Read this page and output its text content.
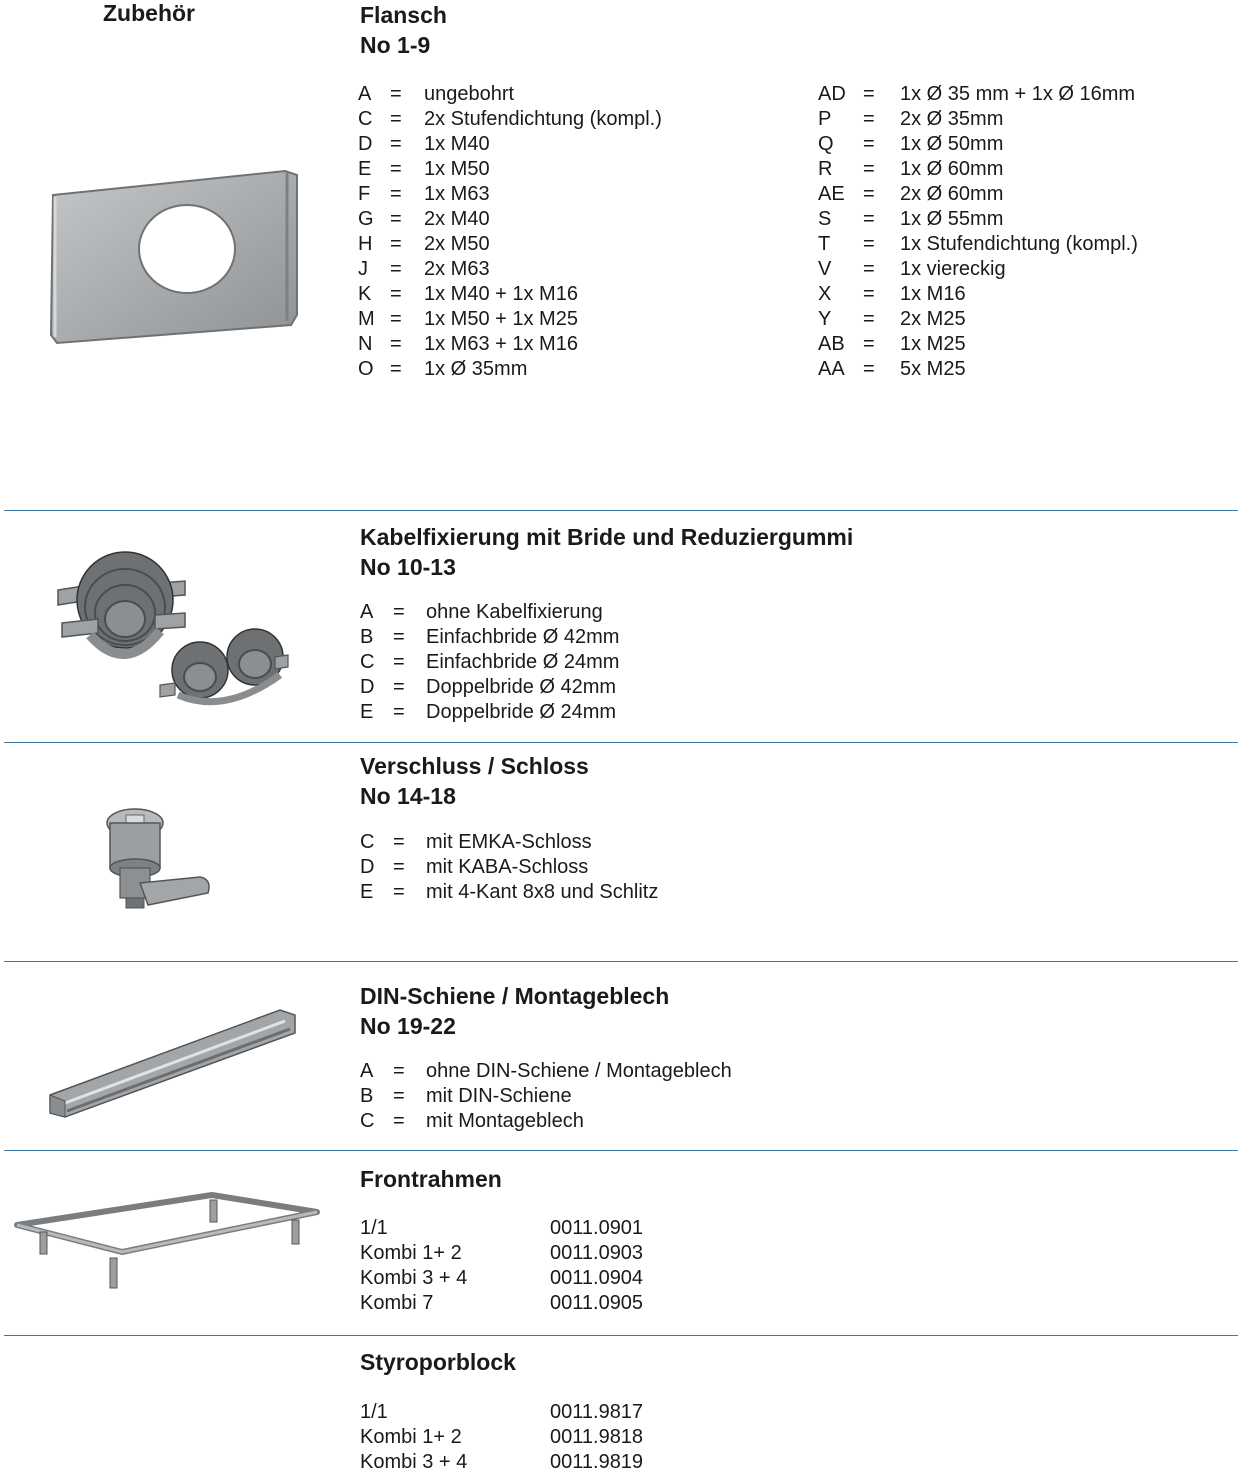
Zubehör	Flansch
No 1-9
A = ungebohrt
C = 2x Stufendichtung (kompl.)
D = 1x M40
E = 1x M50
F = 1x M63
G = 2x M40
H = 2x M50
J = 2x M63
K = 1x M40 + 1x M16
M = 1x M50 + 1x M25
N = 1x M63 + 1x M16
O = 1x Ø 35mm
AD = 1x Ø 35 mm + 1x Ø 16mm
P = 2x Ø 35mm
Q = 1x Ø 50mm
R = 1x Ø 60mm
AE = 2x Ø 60mm
S = 1x Ø 55mm
T = 1x Stufendichtung (kompl.)
V = 1x viereckig
X = 1x M16
Y = 2x M25
AB = 1x M25
AA = 5x M25
Kabelfixierung mit Bride und Reduziergummi
No 10-13
A = ohne Kabelfixierung
B = Einfachbride Ø 42mm
C = Einfachbride Ø 24mm
D = Doppelbride Ø 42mm
E = Doppelbride Ø 24mm
Verschluss / Schloss
No 14-18
C = mit EMKA-Schloss
D = mit KABA-Schloss
E = mit 4-Kant 8x8 und Schlitz
DIN-Schiene / Montageblech
No 19-22
A = ohne DIN-Schiene / Montageblech
B = mit DIN-Schiene
C = mit Montageblech
Frontrahmen
1/1	0011.0901
Kombi 1+ 2	0011.0903
Kombi 3 + 4	0011.0904
Kombi 7	0011.0905
Styroporblock
1/1	0011.9817
Kombi 1+ 2	0011.9818
Kombi 3 + 4	0011.9819
